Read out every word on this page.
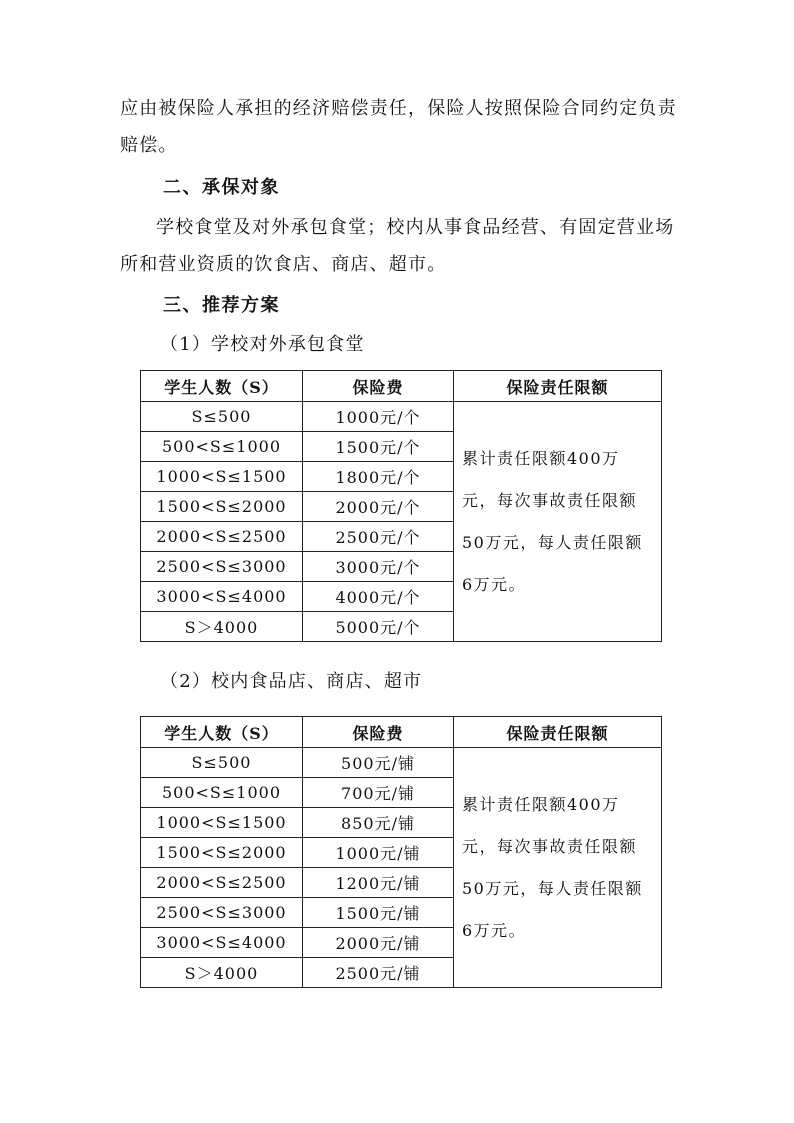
应由被保险人承担的经济赔偿责任，保险人按照保险合同约定负责赔偿。
二、承保对象
学校食堂及对外承包食堂；校内从事食品经营、有固定营业场所和营业资质的饮食店、商店、超市。
三、推荐方案
（1）学校对外承包食堂
学生人数（S）	保险费	保险责任限额
S≤500	1000元/个	累计责任限额400万元，每次事故责任限额50万元，每人责任限额6万元。
500<S≤1000	1500元/个	
1000<S≤1500	1800元/个	
1500<S≤2000	2000元/个	
2000<S≤2500	2500元/个	
2500<S≤3000	3000元/个	
3000<S≤4000	4000元/个	
S＞4000	5000元/个	
（2）校内食品店、商店、超市
学生人数（S）	保险费	保险责任限额
S≤500	500元/铺	累计责任限额400万元，每次事故责任限额50万元，每人责任限额6万元。
500<S≤1000	700元/铺	
1000<S≤1500	850元/铺	
1500<S≤2000	1000元/铺	
2000<S≤2500	1200元/铺	
2500<S≤3000	1500元/铺	
3000<S≤4000	2000元/铺	
S＞4000	2500元/铺	
